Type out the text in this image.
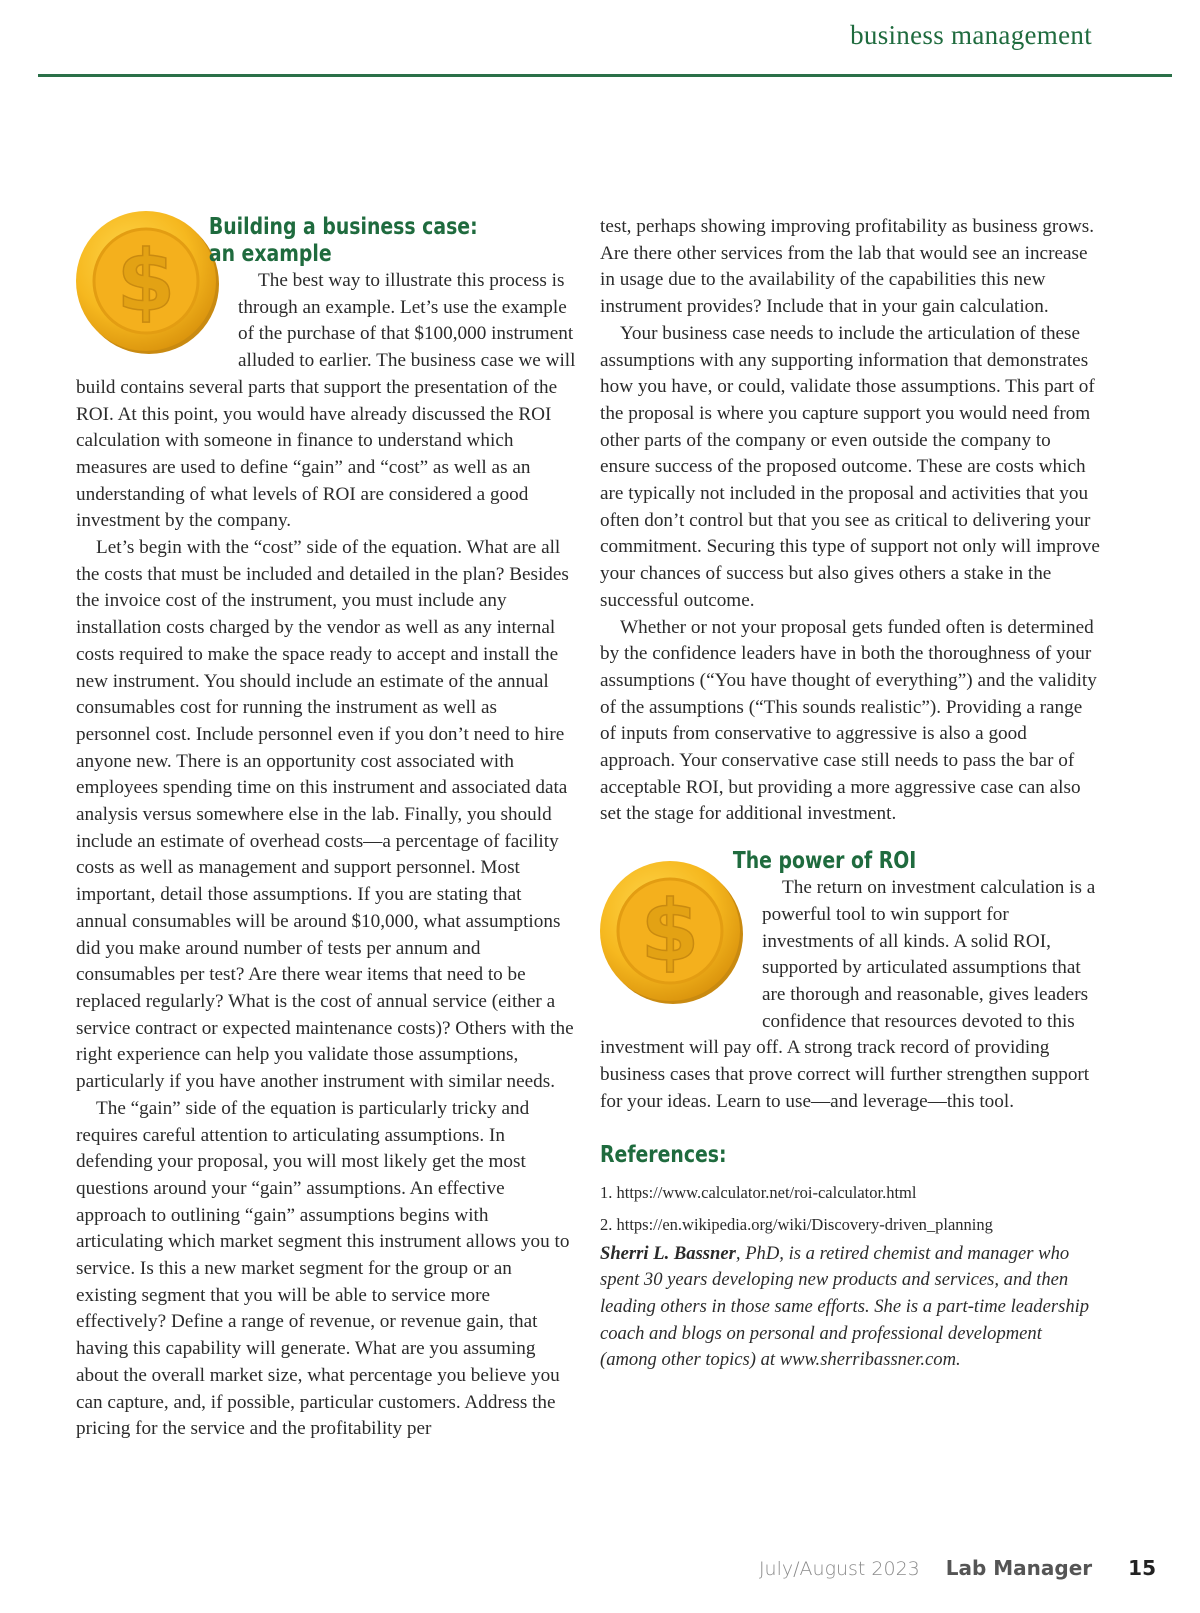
business management
$
Building a business case:
an example

The best way to illustrate this process is through an example. Let’s use the example of the purchase of that $100,000 instrument alluded to earlier. The business case we will build contains several parts that support the presentation of the ROI. At this point, you would have already discussed the ROI calculation with someone in finance to understand which measures are used to define “gain” and “cost” as well as an understanding of what levels of ROI are considered a good investment by the company.

Let’s begin with the “cost” side of the equation. What are all the costs that must be included and detailed in the plan? Besides the invoice cost of the instrument, you must include any installation costs charged by the vendor as well as any internal costs required to make the space ready to accept and install the new instrument. You should include an estimate of the annual consumables cost for running the instrument as well as personnel cost. Include personnel even if you don’t need to hire anyone new. There is an opportunity cost associated with employees spending time on this instrument and associated data analysis versus somewhere else in the lab. Finally, you should include an estimate of overhead costs—a percentage of facility costs as well as management and support personnel. Most important, detail those assumptions. If you are stating that annual consumables will be around $10,000, what assumptions did you make around number of tests per annum and consumables per test? Are there wear items that need to be replaced regularly? What is the cost of annual service (either a service contract or expected maintenance costs)? Others with the right experience can help you validate those assumptions, particularly if you have another instrument with similar needs.

The “gain” side of the equation is particularly tricky and requires careful attention to articulating assumptions. In defending your proposal, you will most likely get the most questions around your “gain” assumptions. An effective approach to outlining “gain” assumptions begins with articulating which market segment this instrument allows you to service. Is this a new market segment for the group or an existing segment that you will be able to service more effectively? Define a range of revenue, or revenue gain, that having this capability will generate. What are you assuming about the overall market size, what percentage you believe you can capture, and, if possible, particular customers. Address the pricing for the service and the profitability per

test, perhaps showing improving profitability as business grows. Are there other services from the lab that would see an increase in usage due to the availability of the capabilities this new instrument provides? Include that in your gain calculation.

Your business case needs to include the articulation of these assumptions with any supporting information that demonstrates how you have, or could, validate those assumptions. This part of the proposal is where you capture support you would need from other parts of the company or even outside the company to ensure success of the proposed outcome. These are costs which are typically not included in the proposal and activities that you often don’t control but that you see as critical to delivering your commitment. Securing this type of support not only will improve your chances of success but also gives others a stake in the successful outcome.

Whether or not your proposal gets funded often is determined by the confidence leaders have in both the thoroughness of your assumptions (“You have thought of everything”) and the validity of the assumptions (“This sounds realistic”). Providing a range of inputs from conservative to aggressive is also a good approach. Your conservative case still needs to pass the bar of acceptable ROI, but providing a more aggressive case can also set the stage for additional investment.

$
The power of ROI

The return on investment calculation is a powerful tool to win support for investments of all kinds. A solid ROI, supported by articulated assumptions that are thorough and reasonable, gives leaders confidence that resources devoted to this investment will pay off. A strong track record of providing business cases that prove correct will further strengthen support for your ideas. Learn to use—and leverage—this tool.

References:
1. https://www.calculator.net/roi-calculator.html
2. https://en.wikipedia.org/wiki/Discovery-driven_planning

Sherri L. Bassner, PhD, is a retired chemist and manager who spent 30 years developing new products and services, and then leading others in those same efforts. She is a part-time leadership coach and blogs on personal and professional development (among other topics) at www.sherribassner.com.

July/August 2023 Lab Manager 15
